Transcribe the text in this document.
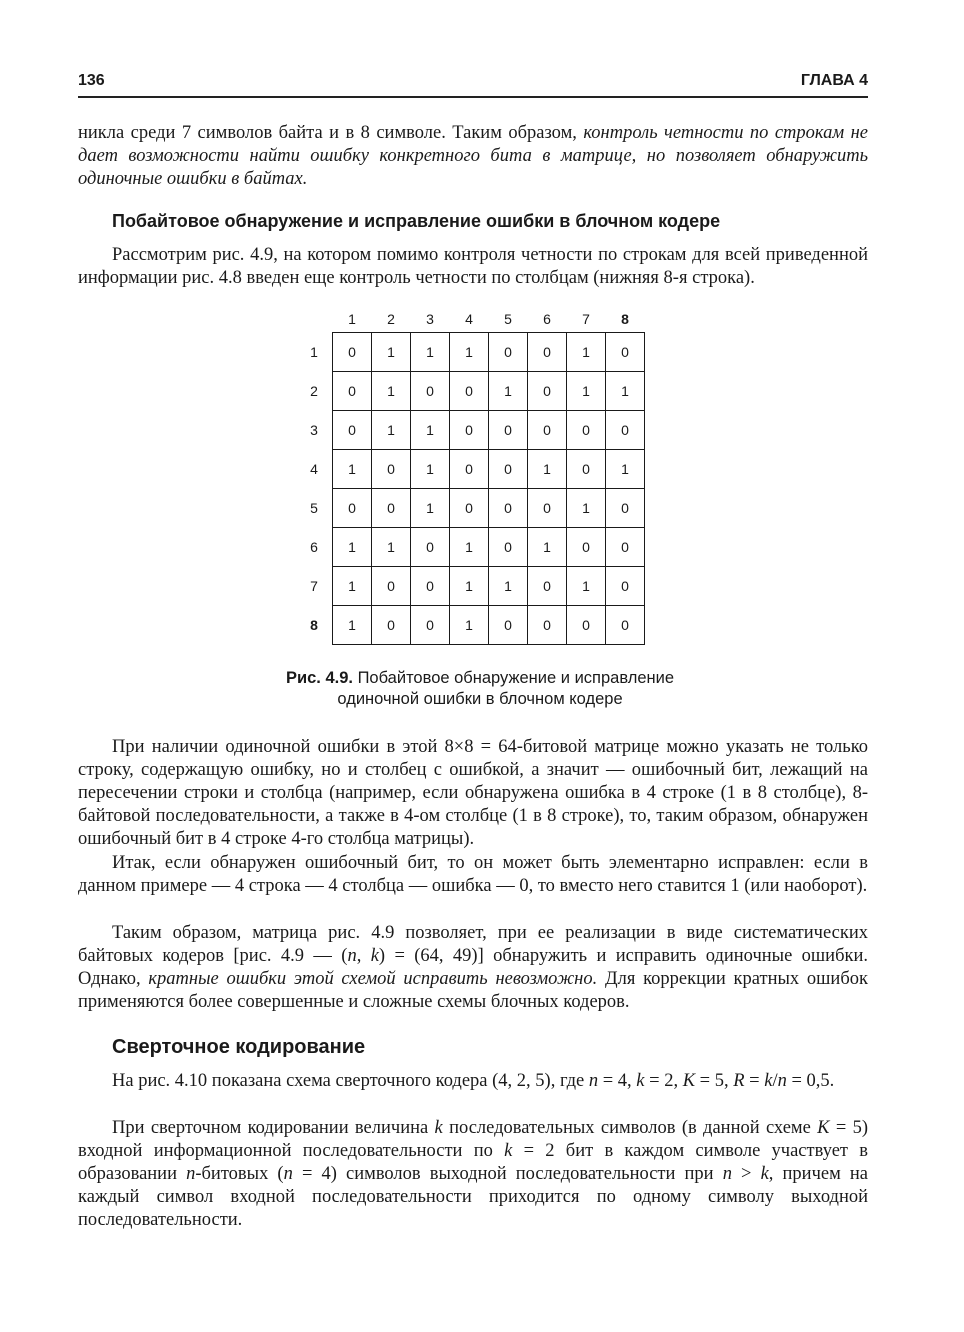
136	ГЛАВА 4

никла среди 7 символов байта и в 8 символе. Таким образом, контроль четности по строкам не дает возможности найти ошибку конкретного бита в матрице, но позволяет обнаружить одиночные ошибки в байтах.

Побайтовое обнаружение и исправление ошибки в блочном кодере

Рассмотрим рис. 4.9, на котором помимо контроля четности по строкам для всей приведенной информации рис. 4.8 введен еще контроль четности по столбцам (нижняя 8-я строка).

	1	2	3	4	5	6	7	8
1	0	1	1	1	0	0	1	0
2	0	1	0	0	1	0	1	1
3	0	1	1	0	0	0	0	0
4	1	0	1	0	0	1	0	1
5	0	0	1	0	0	0	1	0
6	1	1	0	1	0	1	0	0
7	1	0	0	1	1	0	1	0
8	1	0	0	1	0	0	0	0

Рис. 4.9. Побайтовое обнаружение и исправление
одиночной ошибки в блочном кодере

При наличии одиночной ошибки в этой 8×8 = 64-битовой матрице можно указать не только строку, содержащую ошибку, но и столбец с ошибкой, а значит — ошибочный бит, лежащий на пересечении строки и столбца (например, если обнаружена ошибка в 4 строке (1 в 8 столбце), 8-байтовой последовательности, а также в 4-ом столбце (1 в 8 строке), то, таким образом, обнаружен ошибочный бит в 4 строке 4-го столбца матрицы).

Итак, если обнаружен ошибочный бит, то он может быть элементарно исправлен: если в данном примере — 4 строка — 4 столбца — ошибка — 0, то вместо него ставится 1 (или наоборот).

Таким образом, матрица рис. 4.9 позволяет, при ее реализации в виде систематических байтовых кодеров [рис. 4.9 — (n, k) = (64, 49)] обнаружить и исправить одиночные ошибки. Однако, кратные ошибки этой схемой исправить невозможно. Для коррекции кратных ошибок применяются более совершенные и сложные схемы блочных кодеров.

Сверточное кодирование

На рис. 4.10 показана схема сверточного кодера (4, 2, 5), где n = 4, k = 2, K = 5, R = k/n = 0,5.

При сверточном кодировании величина k последовательных символов (в данной схеме K = 5) входной информационной последовательности по k = 2 бит в каждом символе участвует в образовании n-битовых (n = 4) символов выходной последовательности при n > k, причем на каждый символ входной последовательности приходится по одному символу выходной последовательности.
